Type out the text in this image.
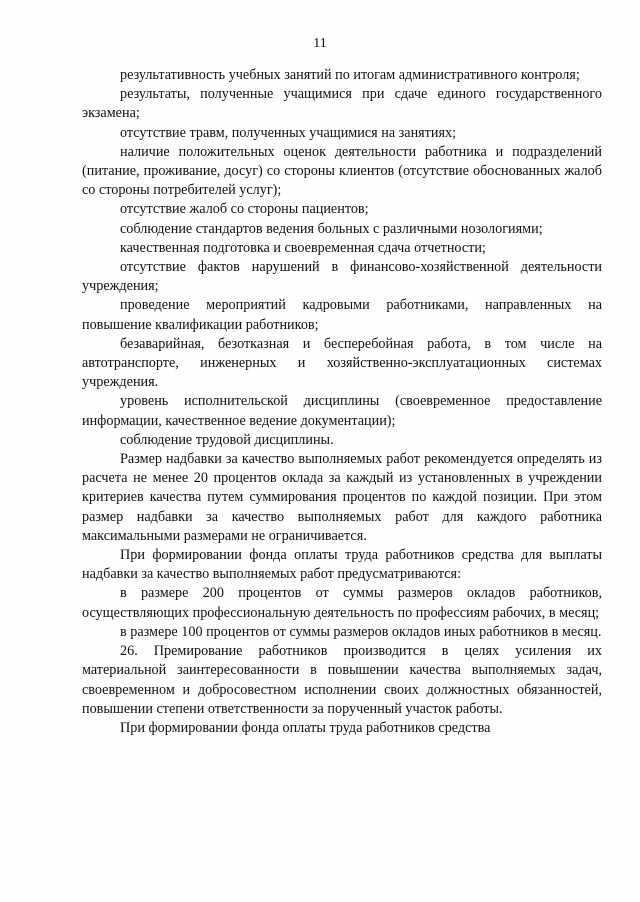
11

результативность учебных занятий по итогам административного контроля;

результаты, полученные учащимися при сдаче единого государственного экзамена;

отсутствие травм, полученных учащимися на занятиях;

наличие положительных оценок деятельности работника и подразделений (питание, проживание, досуг) со стороны клиентов (отсутствие обоснованных жалоб со стороны потребителей услуг);

отсутствие жалоб со стороны пациентов;

соблюдение стандартов ведения больных с различными нозологиями;

качественная подготовка и своевременная сдача отчетности;

отсутствие фактов нарушений в финансово-хозяйственной деятельности учреждения;

проведение мероприятий кадровыми работниками, направленных на повышение квалификации работников;

безаварийная, безотказная и бесперебойная работа, в том числе на автотранспорте, инженерных и хозяйственно-эксплуатационных системах учреждения.

уровень исполнительской дисциплины (своевременное предоставление информации, качественное ведение документации);

соблюдение трудовой дисциплины.

Размер надбавки за качество выполняемых работ рекомендуется определять из расчета не менее 20 процентов оклада за каждый из установленных в учреждении критериев качества путем суммирования процентов по каждой позиции. При этом размер надбавки за качество выполняемых работ для каждого работника максимальными размерами не ограничивается.

При формировании фонда оплаты труда работников средства для выплаты надбавки за качество выполняемых работ предусматриваются:

в размере 200 процентов от суммы размеров окладов работников, осуществляющих профессиональную деятельность по профессиям рабочих, в месяц;

в размере 100 процентов от суммы размеров окладов иных работников в месяц.

26. Премирование работников производится в целях усиления их материальной заинтересованности в повышении качества выполняемых задач, своевременном и добросовестном исполнении своих должностных обязанностей, повышении степени ответственности за порученный участок работы.

При формировании фонда оплаты труда работников средства
